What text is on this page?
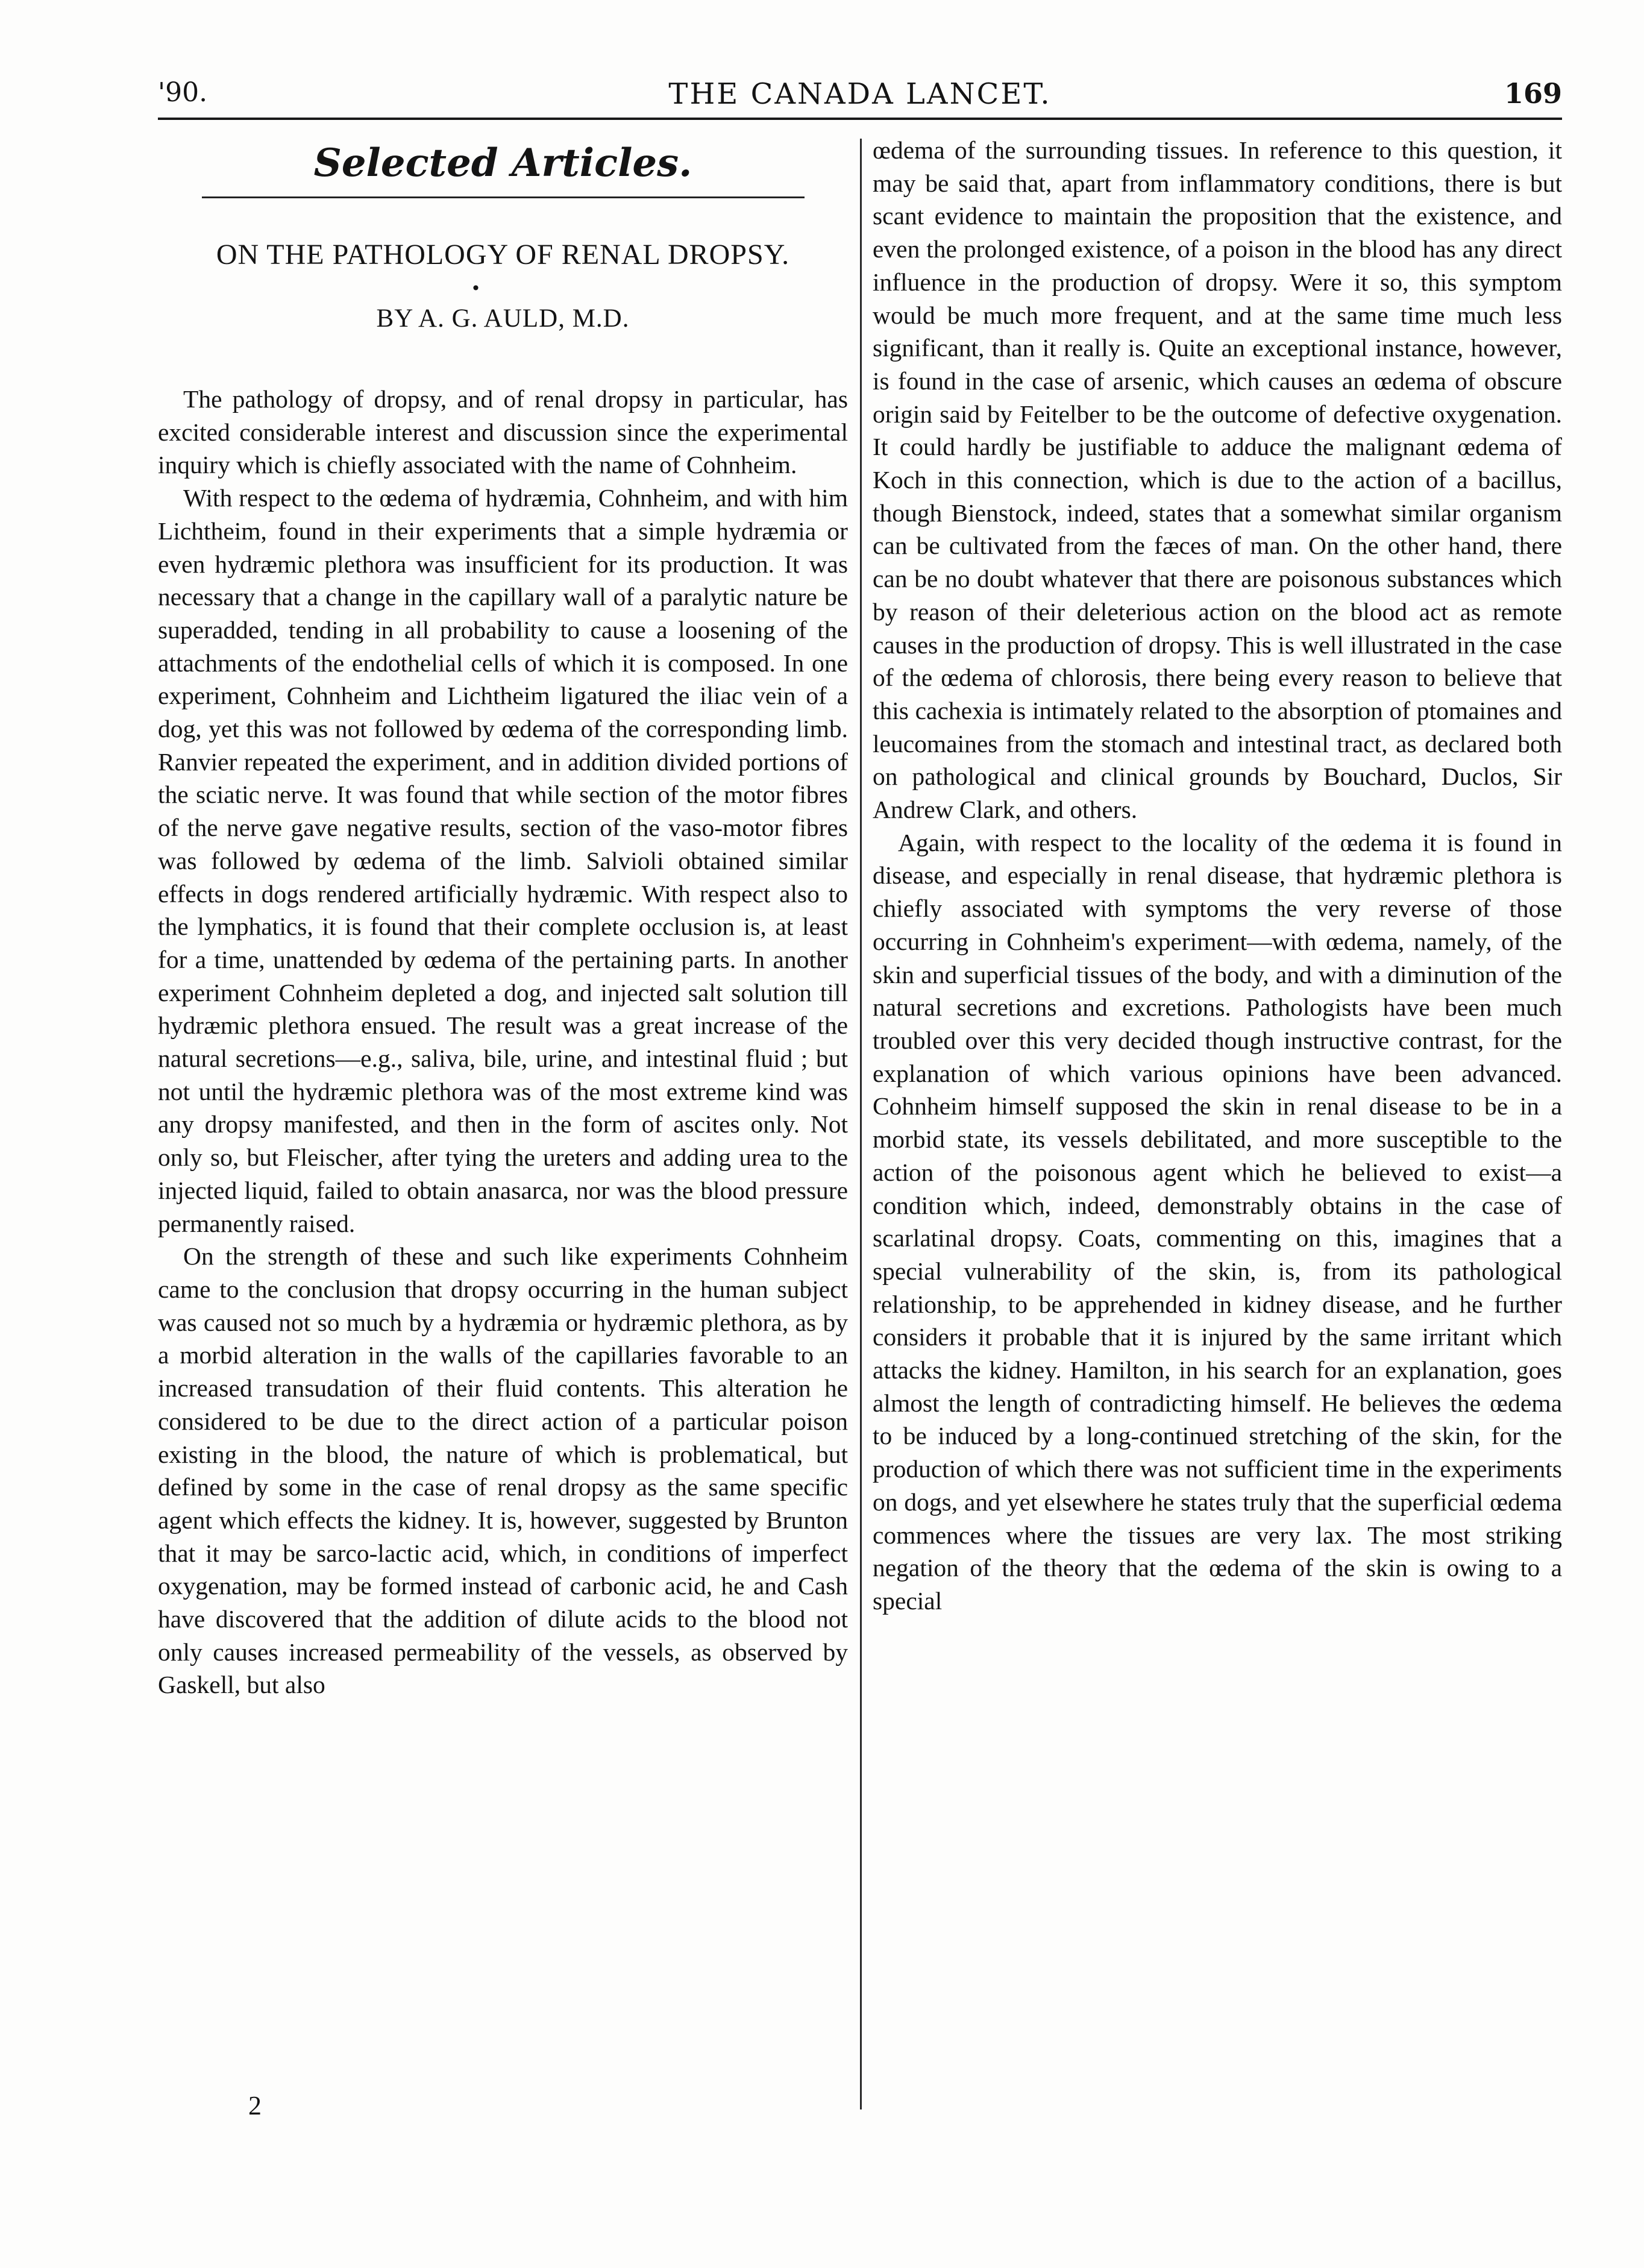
'90.	THE CANADA LANCET.	169
Selected Articles.
ON THE PATHOLOGY OF RENAL DROPSY.
•
BY A. G. AULD, M.D.

The pathology of dropsy, and of renal dropsy in particular, has excited considerable interest and discussion since the experimental inquiry which is chiefly associated with the name of Cohnheim.

With respect to the œdema of hydræmia, Cohnheim, and with him Lichtheim, found in their experiments that a simple hydræmia or even hydræmic plethora was insufficient for its production. It was necessary that a change in the capillary wall of a paralytic nature be superadded, tending in all probability to cause a loosening of the attachments of the endothelial cells of which it is composed. In one experiment, Cohnheim and Lichtheim ligatured the iliac vein of a dog, yet this was not followed by œdema of the corresponding limb. Ranvier repeated the experiment, and in addition divided portions of the sciatic nerve. It was found that while section of the motor fibres of the nerve gave negative results, section of the vaso-motor fibres was followed by œdema of the limb. Salvioli obtained similar effects in dogs rendered artificially hydræmic. With respect also to the lymphatics, it is found that their complete occlusion is, at least for a time, unattended by œdema of the pertaining parts. In another experiment Cohnheim depleted a dog, and injected salt solution till hydræmic plethora ensued. The result was a great increase of the natural secretions—e.g., saliva, bile, urine, and intestinal fluid ; but not until the hydræmic plethora was of the most extreme kind was any dropsy manifested, and then in the form of ascites only. Not only so, but Fleischer, after tying the ureters and adding urea to the injected liquid, failed to obtain anasarca, nor was the blood pressure permanently raised.

On the strength of these and such like experiments Cohnheim came to the conclusion that dropsy occurring in the human subject was caused not so much by a hydræmia or hydræmic plethora, as by a morbid alteration in the walls of the capillaries favorable to an increased transudation of their fluid contents. This alteration he considered to be due to the direct action of a particular poison existing in the blood, the nature of which is problematical, but defined by some in the case of renal dropsy as the same specific agent which effects the kidney. It is, however, suggested by Brunton that it may be sarco-lactic acid, which, in conditions of imperfect oxygenation, may be formed instead of carbonic acid, he and Cash have discovered that the addition of dilute acids to the blood not only causes increased permeability of the vessels, as observed by Gaskell, but also

œdema of the surrounding tissues. In reference to this question, it may be said that, apart from inflammatory conditions, there is but scant evidence to maintain the proposition that the existence, and even the prolonged existence, of a poison in the blood has any direct influence in the production of dropsy. Were it so, this symptom would be much more frequent, and at the same time much less significant, than it really is. Quite an exceptional instance, however, is found in the case of arsenic, which causes an œdema of obscure origin said by Feitelber to be the outcome of defective oxygenation. It could hardly be justifiable to adduce the malignant œdema of Koch in this connection, which is due to the action of a bacillus, though Bienstock, indeed, states that a somewhat similar organism can be cultivated from the fæces of man. On the other hand, there can be no doubt whatever that there are poisonous substances which by reason of their deleterious action on the blood act as remote causes in the production of dropsy. This is well illustrated in the case of the œdema of chlorosis, there being every reason to believe that this cachexia is intimately related to the absorption of ptomaines and leucomaines from the stomach and intestinal tract, as declared both on pathological and clinical grounds by Bouchard, Duclos, Sir Andrew Clark, and others.

Again, with respect to the locality of the œdema it is found in disease, and especially in renal disease, that hydræmic plethora is chiefly associated with symptoms the very reverse of those occurring in Cohnheim's experiment—with œdema, namely, of the skin and superficial tissues of the body, and with a diminution of the natural secretions and excretions. Pathologists have been much troubled over this very decided though instructive contrast, for the explanation of which various opinions have been advanced. Cohnheim himself supposed the skin in renal disease to be in a morbid state, its vessels debilitated, and more susceptible to the action of the poisonous agent which he believed to exist—a condition which, indeed, demonstrably obtains in the case of scarlatinal dropsy. Coats, commenting on this, imagines that a special vulnerability of the skin, is, from its pathological relationship, to be apprehended in kidney disease, and he further considers it probable that it is injured by the same irritant which attacks the kidney. Hamilton, in his search for an explanation, goes almost the length of contradicting himself. He believes the œdema to be induced by a long-continued stretching of the skin, for the production of which there was not sufficient time in the experiments on dogs, and yet elsewhere he states truly that the superficial œdema commences where the tissues are very lax. The most striking negation of the theory that the œdema of the skin is owing to a special

2
